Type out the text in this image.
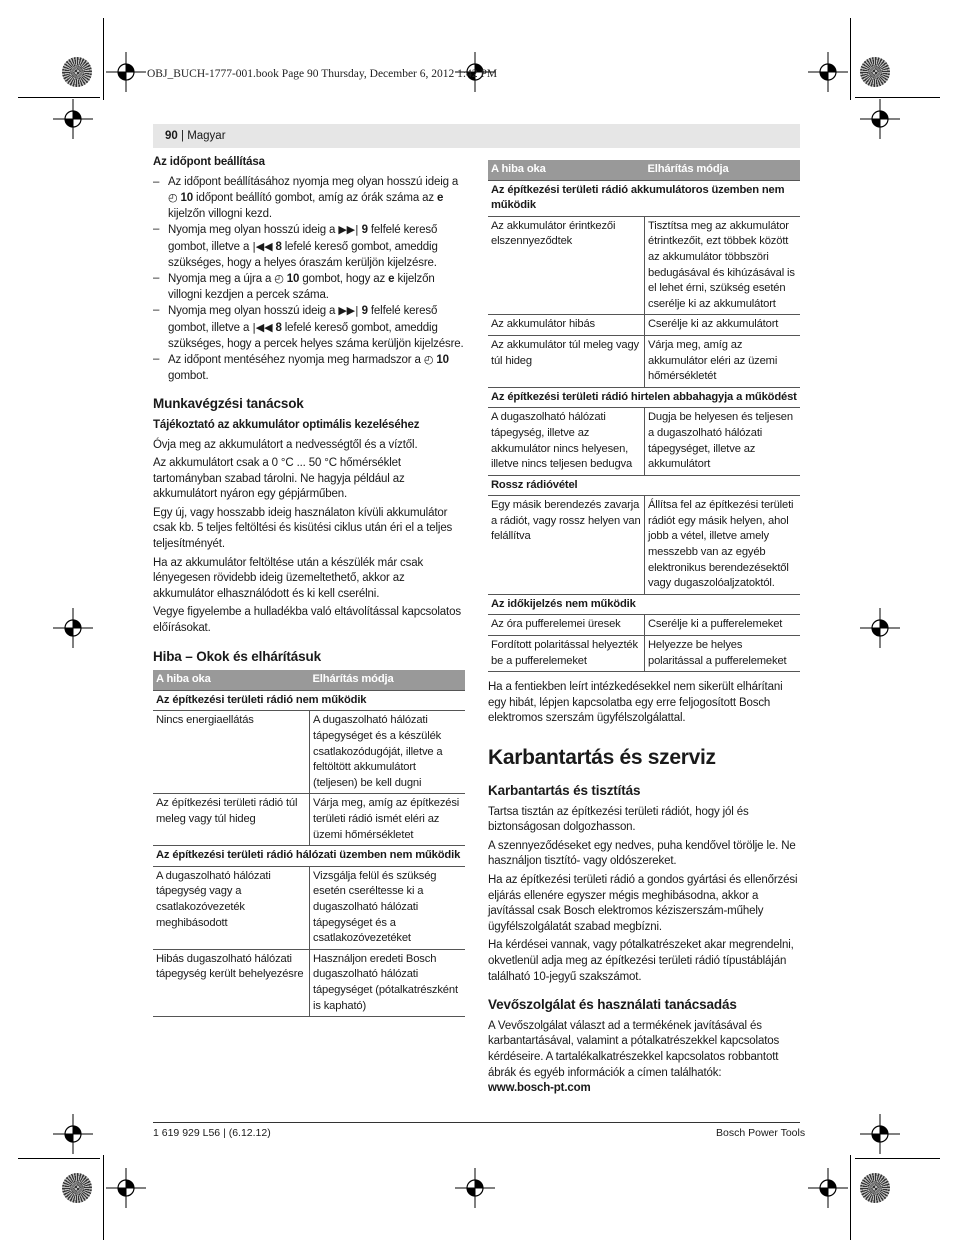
OBJ_BUCH-1777-001.book Page 90 Thursday, December 6, 2012 1:42 PM
90 | Magyar
Az időpont beállítása
– Az időpont beállításához nyomja meg olyan hosszú ideig a ◴ 10 időpont beállító gombot, amíg az órák száma az e kijelzőn villogni kezd.
– Nyomja meg olyan hosszú ideig a ▶▶| 9 felfelé kereső gombot, illetve a |◀◀ 8 lefelé kereső gombot, ameddig szükséges, hogy a helyes óraszám kerüljön kijelzésre.
– Nyomja meg a újra a ◴ 10 gombot, hogy az e kijelzőn villogni kezdjen a percek száma.
– Nyomja meg olyan hosszú ideig a ▶▶| 9 felfelé kereső gombot, illetve a |◀◀ 8 lefelé kereső gombot, ameddig szükséges, hogy a percek helyes száma kerüljön kijelzésre.
– Az időpont mentéséhez nyomja meg harmadszor a ◴ 10 gombot.
Munkavégzési tanácsok
Tájékoztató az akkumulátor optimális kezeléséhez

Óvja meg az akkumulátort a nedvességtől és a víztől.

Az akkumulátort csak a 0 °C ... 50 °C hőmérséklet tartományban szabad tárolni. Ne hagyja például az akkumulátort nyáron egy gépjárműben.

Egy új, vagy hosszabb ideig használaton kívüli akkumulátor csak kb. 5 teljes feltöltési és kisütési ciklus után éri el a teljes teljesítményét.

Ha az akkumulátor feltöltése után a készülék már csak lényegesen rövidebb ideig üzemeltethető, akkor az akkumulátor elhasználódott és ki kell cserélni.

Vegye figyelembe a hulladékba való eltávolítással kapcsolatos előírásokat.

Hiba – Okok és elhárításuk
A hiba oka	Elhárítás módja
Az építkezési területi rádió nem működik	
Nincs energiaellátás	A dugaszolható hálózati tápegységet és a készülék csatlakozódugóját, illetve a feltöltött akkumulátort (teljesen) be kell dugni
Az építkezési területi rádió túl meleg vagy túl hideg	Várja meg, amíg az építkezési területi rádió ismét eléri az üzemi hőmérsékletet
Az építkezési területi rádió hálózati üzemben nem működik	
A dugaszolható hálózati tápegység vagy a csatlakozóvezeték meghibásodott	Vizsgálja felül és szükség esetén cseréltesse ki a dugaszolható hálózati tápegységet és a csatlakozóvezetéket
Hibás dugaszolható hálózati tápegység került behelyezésre	Használjon eredeti Bosch dugaszolható hálózati tápegységet (pótalkatrészként is kapható)
A hiba oka	Elhárítás módja
Az építkezési területi rádió akkumulátoros üzemben nem működik	
Az akkumulátor érintkezői elszennyeződtek	Tisztítsa meg az akkumulátor étrintkezőit, ezt többek között az akkumulátor többszöri bedugásával és kihúzásával is el lehet érni, szükség esetén cserélje ki az akkumulátort
Az akkumulátor hibás	Cserélje ki az akkumulátort
Az akkumulátor túl meleg vagy túl hideg	Várja meg, amíg az akkumulátor eléri az üzemi hőmérsékletét
Az építkezési területi rádió hirtelen abbahagyja a működést	
A dugaszolható hálózati tápegység, illetve az akkumulátor nincs helyesen, illetve nincs teljesen bedugva	Dugja be helyesen és teljesen a dugaszolható hálózati tápegységet, illetve az akkumulátort
Rossz rádióvétel	
Egy másik berendezés zavarja a rádiót, vagy rossz helyen van felállítva	Állítsa fel az építkezési területi rádiót egy másik helyen, ahol jobb a vétel, illetve amely messzebb van az egyéb elektronikus berendezésektől vagy dugaszolóaljzatoktól.
Az időkijelzés nem működik	
Az óra pufferelemei üresek	Cserélje ki a pufferelemeket
Fordított polaritással helyezték be a pufferelemeket	Helyezze be helyes polaritással a pufferelemeket

Ha a fentiekben leírt intézkedésekkel nem sikerült elhárítani egy hibát, lépjen kapcsolatba egy erre feljogosított Bosch elektromos szerszám ügyfélszolgálattal.

Karbantartás és szerviz
Karbantartás és tisztítás

Tartsa tisztán az építkezési területi rádiót, hogy jól és biztonságosan dolgozhasson.

A szennyeződéseket egy nedves, puha kendővel törölje le. Ne használjon tisztító- vagy oldószereket.

Ha az építkezési területi rádió a gondos gyártási és ellenőrzési eljárás ellenére egyszer mégis meghibásodna, akkor a javítással csak Bosch elektromos kéziszerszám-műhely ügyfélszolgálatát szabad megbízni.

Ha kérdései vannak, vagy pótalkatrészeket akar megrendelni, okvetlenül adja meg az építkezési területi rádió típustábláján található 10-jegyű szakszámot.

Vevőszolgálat és használati tanácsadás

A Vevőszolgálat választ ad a termékének javításával és karbantartásával, valamint a pótalkatrészekkel kapcsolatos kérdéseire. A tartalékalkatrészekkel kapcsolatos robbantott ábrák és egyéb információk a címen találhatók:

www.bosch-pt.com

1 619 929 L56 | (6.12.12)	Bosch Power Tools
